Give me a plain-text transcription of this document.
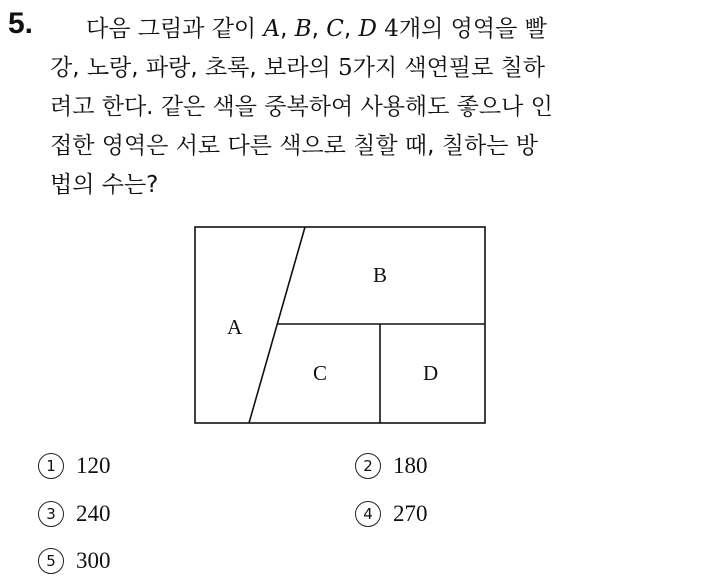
5.	다음 그림과 같이 A, B, C, D 4개의 영역을 빨
강, 노랑, 파랑, 초록, 보라의 5가지 색연필로 칠하
려고 한다. 같은 색을 중복하여 사용해도 좋으나 인
접한 영역은 서로 다른 색으로 칠할 때, 칠하는 방
법의 수는?
A
B
C	D
1 120	2 180
3 240	4 270
5 300
